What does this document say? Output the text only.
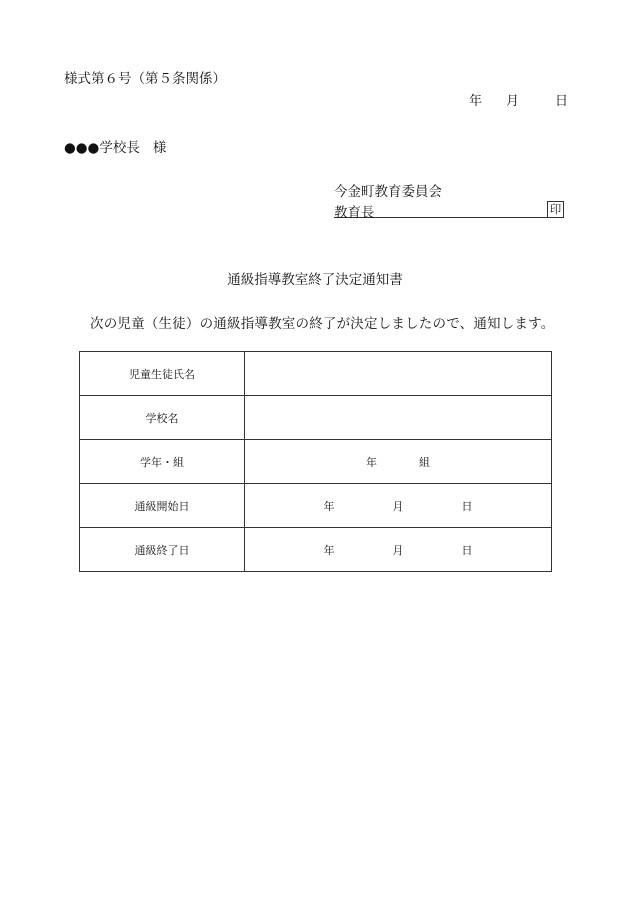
様式第６号（第５条関係）
年 月	日
●●●学校長 様
今金町教育委員会
教育長	印
通級指導教室終了決定通知書
次の児童（生徒）の通級指導教室の終了が決定しましたので、通知します。
児童生徒氏名	
学校名	
学年・組	年 組
通級開始日	年 月 日
通級終了日	年 月 日
